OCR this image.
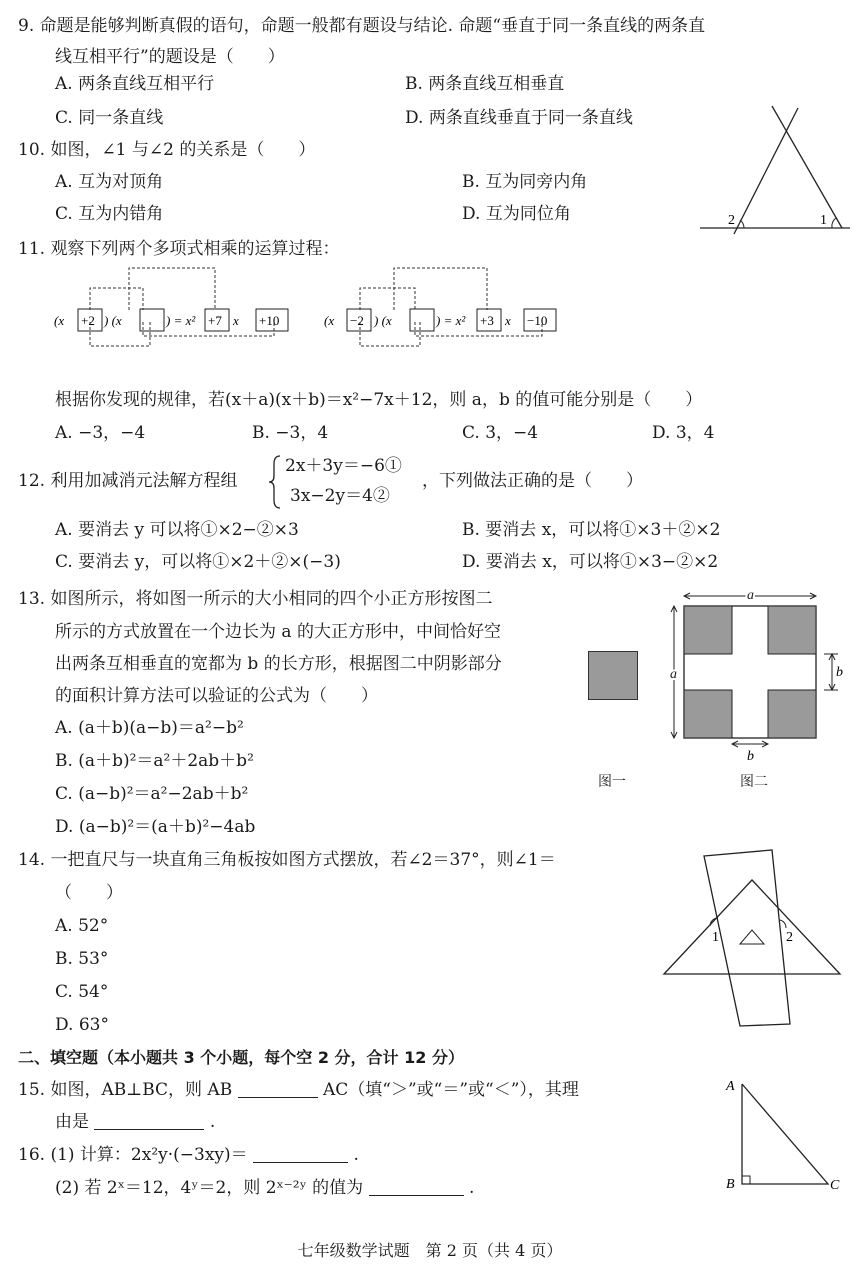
9. 命题是能够判断真假的语句，命题一般都有题设与结论. 命题“垂直于同一条直线的两条直
线互相平行”的题设是（　　）
A. 两条直线互相平行	B. 两条直线互相垂直
C. 同一条直线	D. 两条直线垂直于同一条直线
10. 如图，∠1 与∠2 的关系是（　　）
A. 互为对顶角	B. 互为同旁内角
C. 互为内错角	D. 互为同位角	2	1
11. 观察下列两个多项式相乘的运算过程：
(x +2 ) (x	) = x² +7 x +10	(x −2 ) (x	) = x² +3 x −10
根据你发现的规律，若(x＋a)(x＋b)＝x²−7x＋12，则 a，b 的值可能分别是（　　）
A. −3，−4	B. −3，4	C. 3，−4	D. 3，4
12. 利用加减消元法解方程组
2x＋3y＝−6①
3x−2y＝4②
，下列做法正确的是（　　）
A. 要消去 y 可以将①×2−②×3	B. 要消去 x，可以将①×3＋②×2
C. 要消去 y，可以将①×2＋②×(−3)	D. 要消去 x，可以将①×3−②×2
13. 如图所示，将如图一所示的大小相同的四个小正方形按图二
所示的方式放置在一个边长为 a 的大正方形中，中间恰好空
出两条互相垂直的宽都为 b 的长方形，根据图二中阴影部分
的面积计算方法可以验证的公式为（　　）
A. (a＋b)(a−b)＝a²−b²
B. (a＋b)²＝a²＋2ab＋b²
C. (a−b)²＝a²−2ab＋b²
D. (a−b)²＝(a＋b)²−4ab
图一
a
a	b
b
图二
14. 一把直尺与一块直角三角板按如图方式摆放，若∠2＝37°，则∠1＝
（　　）
A. 52°
B. 53°
C. 54°
D. 63°
1	2
二、填空题（本小题共 3 个小题，每个空 2 分，合计 12 分）
15. 如图，AB⊥BC，则 AB	AC（填“＞”或“＝”或“＜”），其理
由是	.
A
B	C
16. (1) 计算：2x²y·(−3xy)＝	.
(2) 若 2ˣ＝12，4ʸ＝2，则 2ˣ⁻²ʸ 的值为	.
七年级数学试题　第 2 页（共 4 页）
